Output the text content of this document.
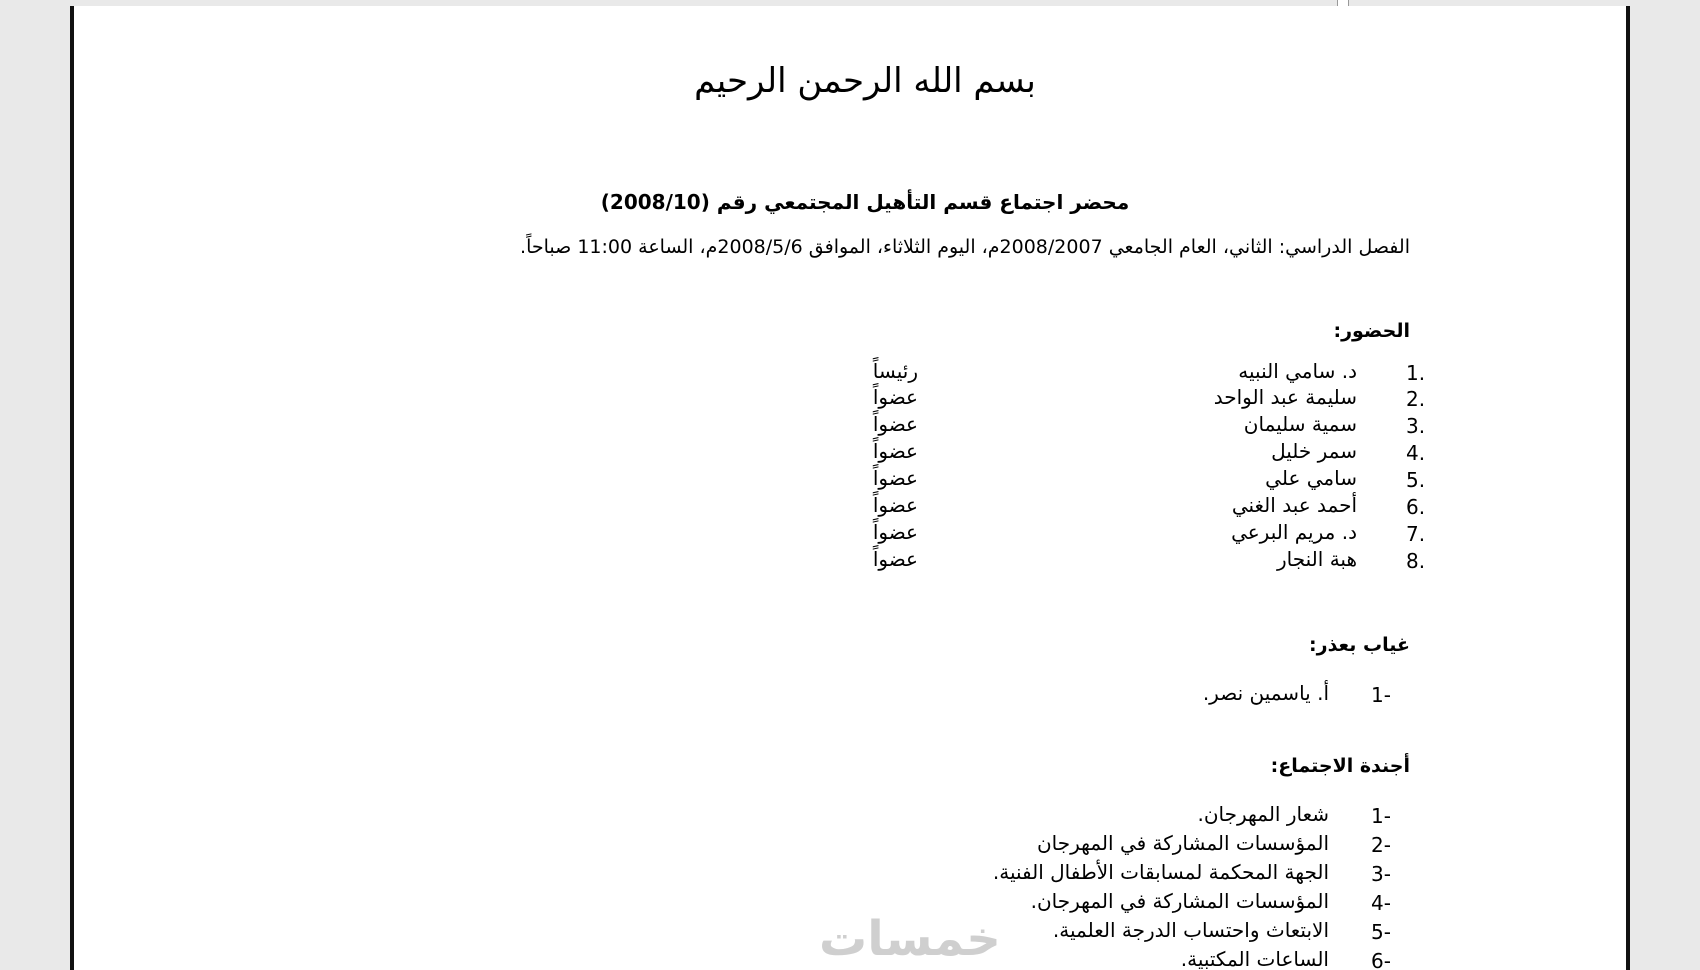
بسم الله الرحمن الرحيم
محضر اجتماع قسم التأهيل المجتمعي رقم (2008/10)
الفصل الدراسي: الثاني، العام الجامعي 2008/2007م، اليوم الثلاثاء، الموافق 2008/5/6م، الساعة 11:00 صباحاً.
الحضور:
1.
د. سامي النبيه
رئيساً
2.
سليمة عبد الواحد
عضواً
3.
سمية سليمان
عضواً
4.
سمر خليل
عضواً
5.
سامي علي
عضواً
6.
أحمد عبد الغني
عضواً
7.
د. مريم البرعي
عضواً
8.
هبة النجار
عضواً
غياب بعذر:
1-
أ. ياسمين نصر.
أجندة الاجتماع:
1-
شعار المهرجان.
2-
المؤسسات المشاركة في المهرجان
3-
الجهة المحكمة لمسابقات الأطفال الفنية.
4-
المؤسسات المشاركة في المهرجان.
5-
الابتعاث واحتساب الدرجة العلمية.
6-
الساعات المكتبية.
خمسات
